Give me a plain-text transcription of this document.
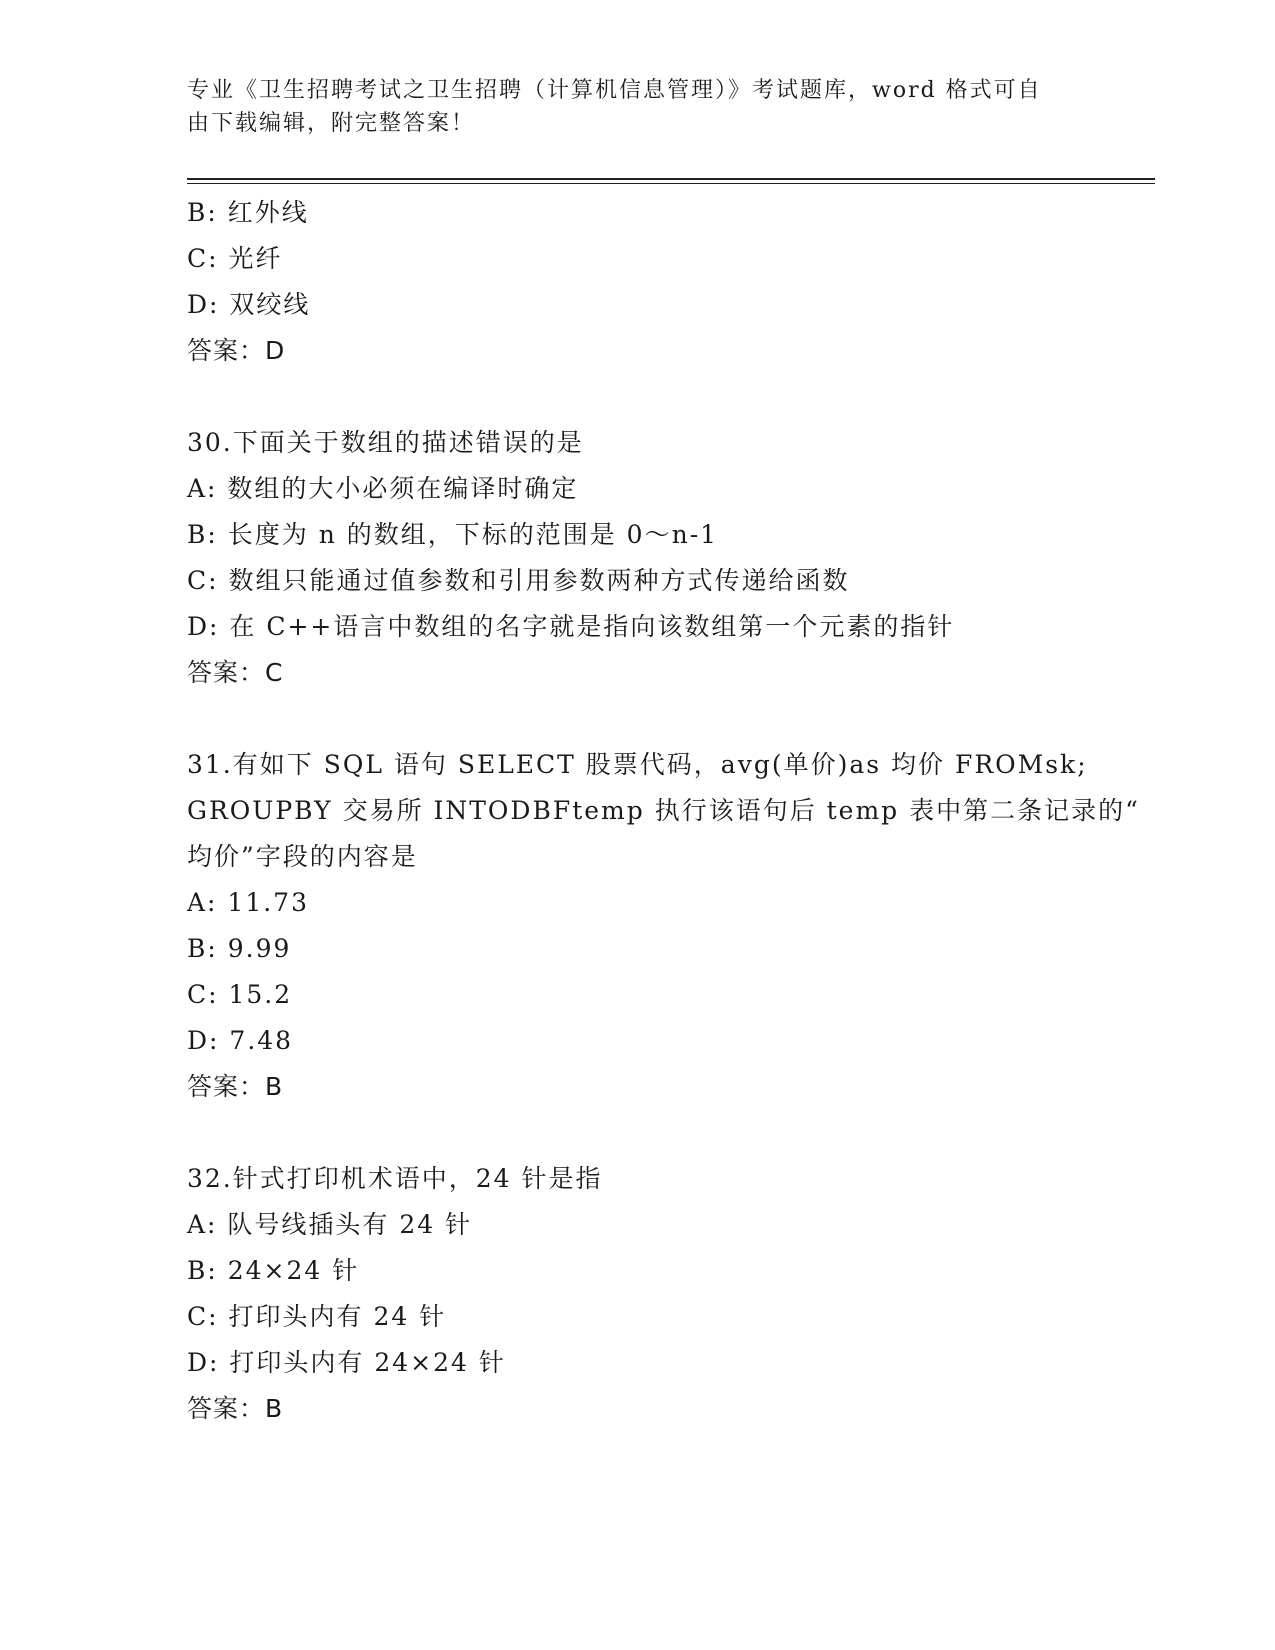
专业《卫生招聘考试之卫生招聘（计算机信息管理）》考试题库，word 格式可自
由下载编辑，附完整答案！
B: 红外线
C: 光纤
D: 双绞线
答案：D
30.下面关于数组的描述错误的是
A: 数组的大小必须在编译时确定
B: 长度为 n 的数组，下标的范围是 0～n-1
C: 数组只能通过值参数和引用参数两种方式传递给函数
D: 在 C++语言中数组的名字就是指向该数组第一个元素的指针
答案：C
31.有如下 SQL 语句 SELECT 股票代码，avg(单价)as 均价 FROMsk;
GROUPBY 交易所 INTODBFtemp 执行该语句后 temp 表中第二条记录的“
均价”字段的内容是
A: 11.73
B: 9.99
C: 15.2
D: 7.48
答案：B
32.针式打印机术语中，24 针是指
A: 队号线插头有 24 针
B: 24×24 针
C: 打印头内有 24 针
D: 打印头内有 24×24 针
答案：B
